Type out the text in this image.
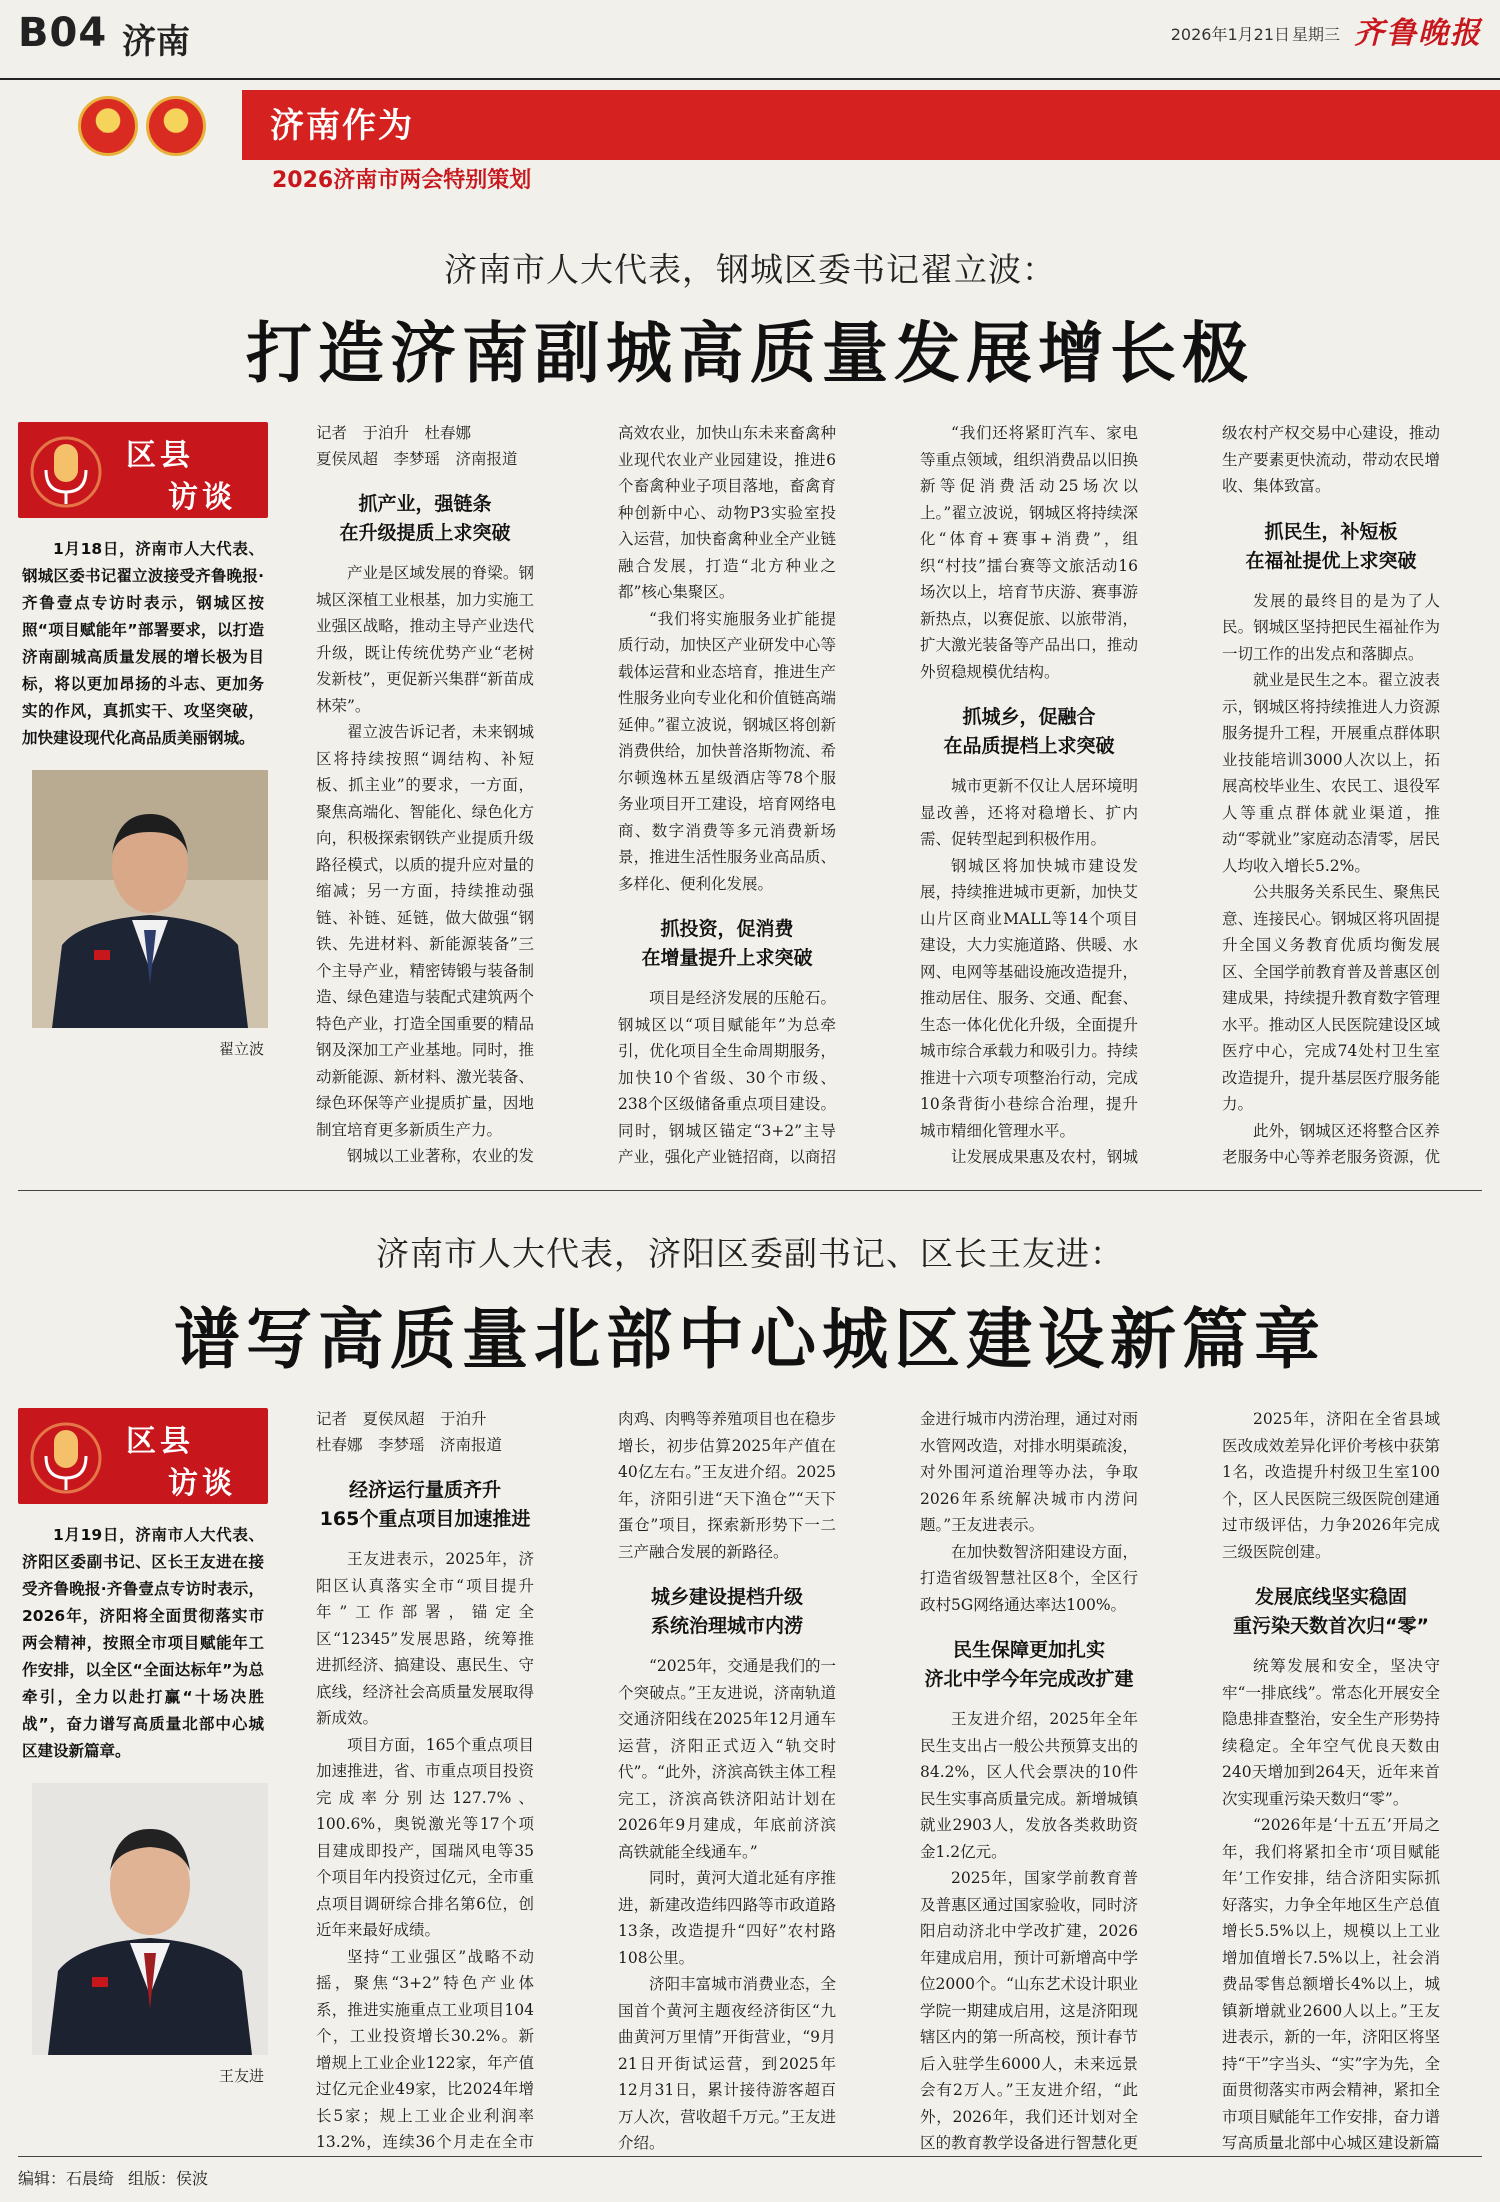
B04 济南	2026年1月21日 星期三 齐鲁晚报
★	✦	济南作为
2026济南市两会特别策划
济南市人大代表，钢城区委书记翟立波：
打造济南副城高质量发展增长极
区县
访谈

1月18日，济南市人大代表、钢城区委书记翟立波接受齐鲁晚报·齐鲁壹点专访时表示，钢城区按照“项目赋能年”部署要求，以打造济南副城高质量发展的增长极为目标，将以更加昂扬的斗志、更加务实的作风，真抓实干、攻坚突破，加快建设现代化高品质美丽钢城。

翟立波
记者　于泊升　杜春娜
夏侯凤超　李梦瑶　济南报道
抓产业，强链条
在升级提质上求突破

产业是区域发展的脊梁。钢城区深植工业根基，加力实施工业强区战略，推动主导产业迭代升级，既让传统优势产业“老树发新枝”，更促新兴集群“新苗成林荣”。

翟立波告诉记者，未来钢城区将持续按照“调结构、补短板、抓主业”的要求，一方面，聚焦高端化、智能化、绿色化方向，积极探索钢铁产业提质升级路径模式，以质的提升应对量的缩减；另一方面，持续推动强链、补链、延链，做大做强“钢铁、先进材料、新能源装备”三个主导产业，精密铸锻与装备制造、绿色建造与装配式建筑两个特色产业，打造全国重要的精品钢及深加工产业基地。同时，推动新能源、新材料、激光装备、绿色环保等产业提质扩量，因地制宜培育更多新质生产力。

钢城以工业著称，农业的发

高效农业，加快山东未来畜禽种业现代农业产业园建设，推进6个畜禽种业子项目落地，畜禽育种创新中心、动物P3实验室投入运营，加快畜禽种业全产业链融合发展，打造“北方种业之都”核心集聚区。

“我们将实施服务业扩能提质行动，加快区产业研发中心等载体运营和业态培育，推进生产性服务业向专业化和价值链高端延伸。”翟立波说，钢城区将创新消费供给，加快普洛斯物流、希尔顿逸林五星级酒店等78个服务业项目开工建设，培育网络电商、数字消费等多元消费新场景，推进生活性服务业高品质、多样化、便利化发展。

抓投资，促消费
在增量提升上求突破

项目是经济发展的压舱石。钢城区以“项目赋能年”为总牵引，优化项目全生命周期服务，加快10个省级、30个市级、238个区级储备重点项目建设。同时，钢城区锚定“3+2”主导产业，强化产业链招商，以商招

“我们还将紧盯汽车、家电等重点领域，组织消费品以旧换新等促消费活动25场次以上。”翟立波说，钢城区将持续深化“体育+赛事+消费”，组织“村技”擂台赛等文旅活动16场次以上，培育节庆游、赛事游新热点，以赛促旅、以旅带消，扩大激光装备等产品出口，推动外贸稳规模优结构。

抓城乡，促融合
在品质提档上求突破

城市更新不仅让人居环境明显改善，还将对稳增长、扩内需、促转型起到积极作用。

钢城区将加快城市建设发展，持续推进城市更新，加快艾山片区商业MALL等14个项目建设，大力实施道路、供暖、水网、电网等基础设施改造提升，推动居住、服务、交通、配套、生态一体化优化升级，全面提升城市综合承载力和吸引力。持续推进十六项专项整治行动，完成10条背街小巷综合治理，提升城市精细化管理水平。

让发展成果惠及农村，钢城

级农村产权交易中心建设，推动生产要素更快流动，带动农民增收、集体致富。

抓民生，补短板
在福祉提优上求突破

发展的最终目的是为了人民。钢城区坚持把民生福祉作为一切工作的出发点和落脚点。

就业是民生之本。翟立波表示，钢城区将持续推进人力资源服务提升工程，开展重点群体职业技能培训3000人次以上，拓展高校毕业生、农民工、退役军人等重点群体就业渠道，推动“零就业”家庭动态清零，居民人均收入增长5.2%。

公共服务关系民生、聚焦民意、连接民心。钢城区将巩固提升全国义务教育优质均衡发展区、全国学前教育普及普惠区创建成果，持续提升教育数字管理水平。推动区人民医院建设区域医疗中心，完成74处村卫生室改造提升，提升基层医疗服务能力。

此外，钢城区还将整合区养老服务中心等养老服务资源，优

济南市人大代表，济阳区委副书记、区长王友进：
谱写高质量北部中心城区建设新篇章
区县
访谈

1月19日，济南市人大代表、济阳区委副书记、区长王友进在接受齐鲁晚报·齐鲁壹点专访时表示，2026年，济阳将全面贯彻落实市两会精神，按照全市项目赋能年工作安排，以全区“全面达标年”为总牵引，全力以赴打赢“十场决胜战”，奋力谱写高质量北部中心城区建设新篇章。

王友进
记者　夏侯凤超　于泊升
杜春娜　李梦瑶　济南报道
经济运行量质齐升
165个重点项目加速推进

王友进表示，2025年，济阳区认真落实全市“项目提升年”工作部署，锚定全区“12345”发展思路，统筹推进抓经济、搞建设、惠民生、守底线，经济社会高质量发展取得新成效。

项目方面，165个重点项目加速推进，省、市重点项目投资完成率分别达127.7%、100.6%，奥锐激光等17个项目建成即投产，国瑞风电等35个项目年内投资过亿元，全市重点项目调研综合排名第6位，创近年来最好成绩。

坚持“工业强区”战略不动摇，聚焦“3+2”特色产业体系，推进实施重点工业项目104个，工业投资增长30.2%。新增规上工业企业122家，年产值过亿元企业49家，比2024年增长5家；规上工业企业利润率13.2%，连续36个月走在全市

肉鸡、肉鸭等养殖项目也在稳步增长，初步估算2025年产值在40亿左右。”王友进介绍。2025年，济阳引进“天下渔仓”“天下蛋仓”项目，探索新形势下一二三产融合发展的新路径。

城乡建设提档升级
系统治理城市内涝

“2025年，交通是我们的一个突破点。”王友进说，济南轨道交通济阳线在2025年12月通车运营，济阳正式迈入“轨交时代”。“此外，济滨高铁主体工程完工，济滨高铁济阳站计划在2026年9月建成，年底前济滨高铁就能全线通车。”

同时，黄河大道北延有序推进，新建改造纬四路等市政道路13条，改造提升“四好”农村路108公里。

济阳丰富城市消费业态，全国首个黄河主题夜经济街区“九曲黄河万里情”开街营业，“9月21日开街试运营，到2025年12月31日，累计接待游客超百万人次，营收超千万元。”王友进介绍。

金进行城市内涝治理，通过对雨水管网改造，对排水明渠疏浚，对外围河道治理等办法，争取2026年系统解决城市内涝问题。”王友进表示。

在加快数智济阳建设方面，打造省级智慧社区8个，全区行政村5G网络通达率达100%。

民生保障更加扎实
济北中学今年完成改扩建

王友进介绍，2025年全年民生支出占一般公共预算支出的84.2%，区人代会票决的10件民生实事高质量完成。新增城镇就业2903人，发放各类救助资金1.2亿元。

2025年，国家学前教育普及普惠区通过国家验收，同时济阳启动济北中学改扩建，2026年建成启用，预计可新增高中学位2000个。“山东艺术设计职业学院一期建成启用，这是济阳现辖区内的第一所高校，预计春节后入驻学生6000人，未来远景会有2万人。”王友进介绍，“此外，2026年，我们还计划对全区的教育教学设备进行智慧化更

2025年，济阳在全省县域医改成效差异化评价考核中获第1名，改造提升村级卫生室100个，区人民医院三级医院创建通过市级评估，力争2026年完成三级医院创建。

发展底线坚实稳固
重污染天数首次归“零”

统筹发展和安全，坚决守牢“一排底线”。常态化开展安全隐患排查整治，安全生产形势持续稳定。全年空气优良天数由240天增加到264天，近年来首次实现重污染天数归“零”。

“2026年是‘十五五’开局之年，我们将紧扣全市‘项目赋能年’工作安排，结合济阳实际抓好落实，力争全年地区生产总值增长5.5%以上，规模以上工业增加值增长7.5%以上，社会消费品零售总额增长4%以上，城镇新增就业2600人以上。”王友进表示，新的一年，济阳区将坚持“干”字当头、“实”字为先，全面贯彻落实市两会精神，紧扣全市项目赋能年工作安排，奋力谱写高质量北部中心城区建设新篇

编辑：石晨绮 组版：侯波
